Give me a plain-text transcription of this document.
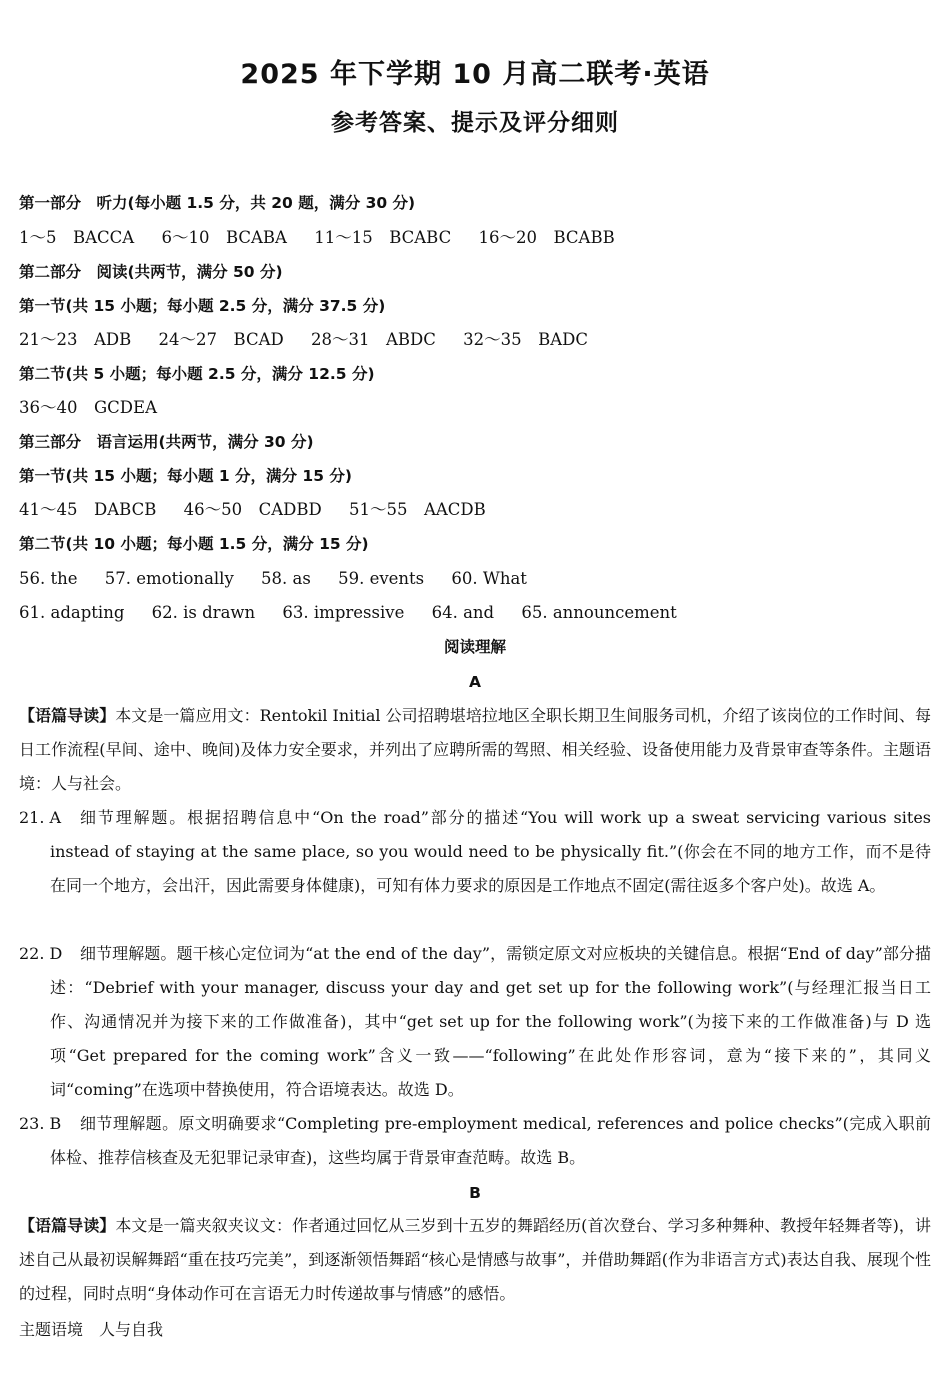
2025 年下学期 10 月高二联考·英语
参考答案、提示及评分细则
第一部分　听力(每小题 1.5 分，共 20 题，满分 30 分)
1～5　BACCA 6～10　BCABA 11～15　BCABC 16～20　BCABB
第二部分　阅读(共两节，满分 50 分)
第一节(共 15 小题；每小题 2.5 分，满分 37.5 分)
21～23　ADB 24～27　BCAD 28～31　ABDC 32～35　BADC
第二节(共 5 小题；每小题 2.5 分，满分 12.5 分)
36～40　GCDEA
第三部分　语言运用(共两节，满分 30 分)
第一节(共 15 小题；每小题 1 分，满分 15 分)
41～45　DABCB 46～50　CADBD 51～55　AACDB
第二节(共 10 小题；每小题 1.5 分，满分 15 分)
56. the 57. emotionally 58. as 59. events 60. What
61. adapting 62. is drawn 63. impressive 64. and 65. announcement
阅读理解
A
【语篇导读】本文是一篇应用文：Rentokil Initial 公司招聘堪培拉地区全职长期卫生间服务司机，介绍了该岗位的工作时间、每日工作流程(早间、途中、晚间)及体力安全要求，并列出了应聘所需的驾照、相关经验、设备使用能力及背景审查等条件。主题语境：人与社会。
21. A	细节理解题。根据招聘信息中“On the road”部分的描述“You will work up a sweat servicing various sites instead of staying at the same place, so you would need to be physically fit.”(你会在不同的地方工作，而不是待在同一个地方，会出汗，因此需要身体健康)，可知有体力要求的原因是工作地点不固定(需往返多个客户处)。故选 A。
22. D	细节理解题。题干核心定位词为“at the end of the day”，需锁定原文对应板块的关键信息。根据“End of day”部分描述：“Debrief with your manager, discuss your day and get set up for the following work”(与经理汇报当日工作、沟通情况并为接下来的工作做准备)，其中“get set up for the following work”(为接下来的工作做准备)与 D 选项“Get prepared for the coming work”含义一致——“following”在此处作形容词，意为“接下来的”，其同义词“coming”在选项中替换使用，符合语境表达。故选 D。
23. B	细节理解题。原文明确要求“Completing pre-employment medical, references and police checks”(完成入职前体检、推荐信核查及无犯罪记录审查)，这些均属于背景审查范畴。故选 B。
B
【语篇导读】本文是一篇夹叙夹议文：作者通过回忆从三岁到十五岁的舞蹈经历(首次登台、学习多种舞种、教授年轻舞者等)，讲述自己从最初误解舞蹈“重在技巧完美”，到逐渐领悟舞蹈“核心是情感与故事”，并借助舞蹈(作为非语言方式)表达自我、展现个性的过程，同时点明“身体动作可在言语无力时传递故事与情感”的感悟。
主题语境　人与自我
